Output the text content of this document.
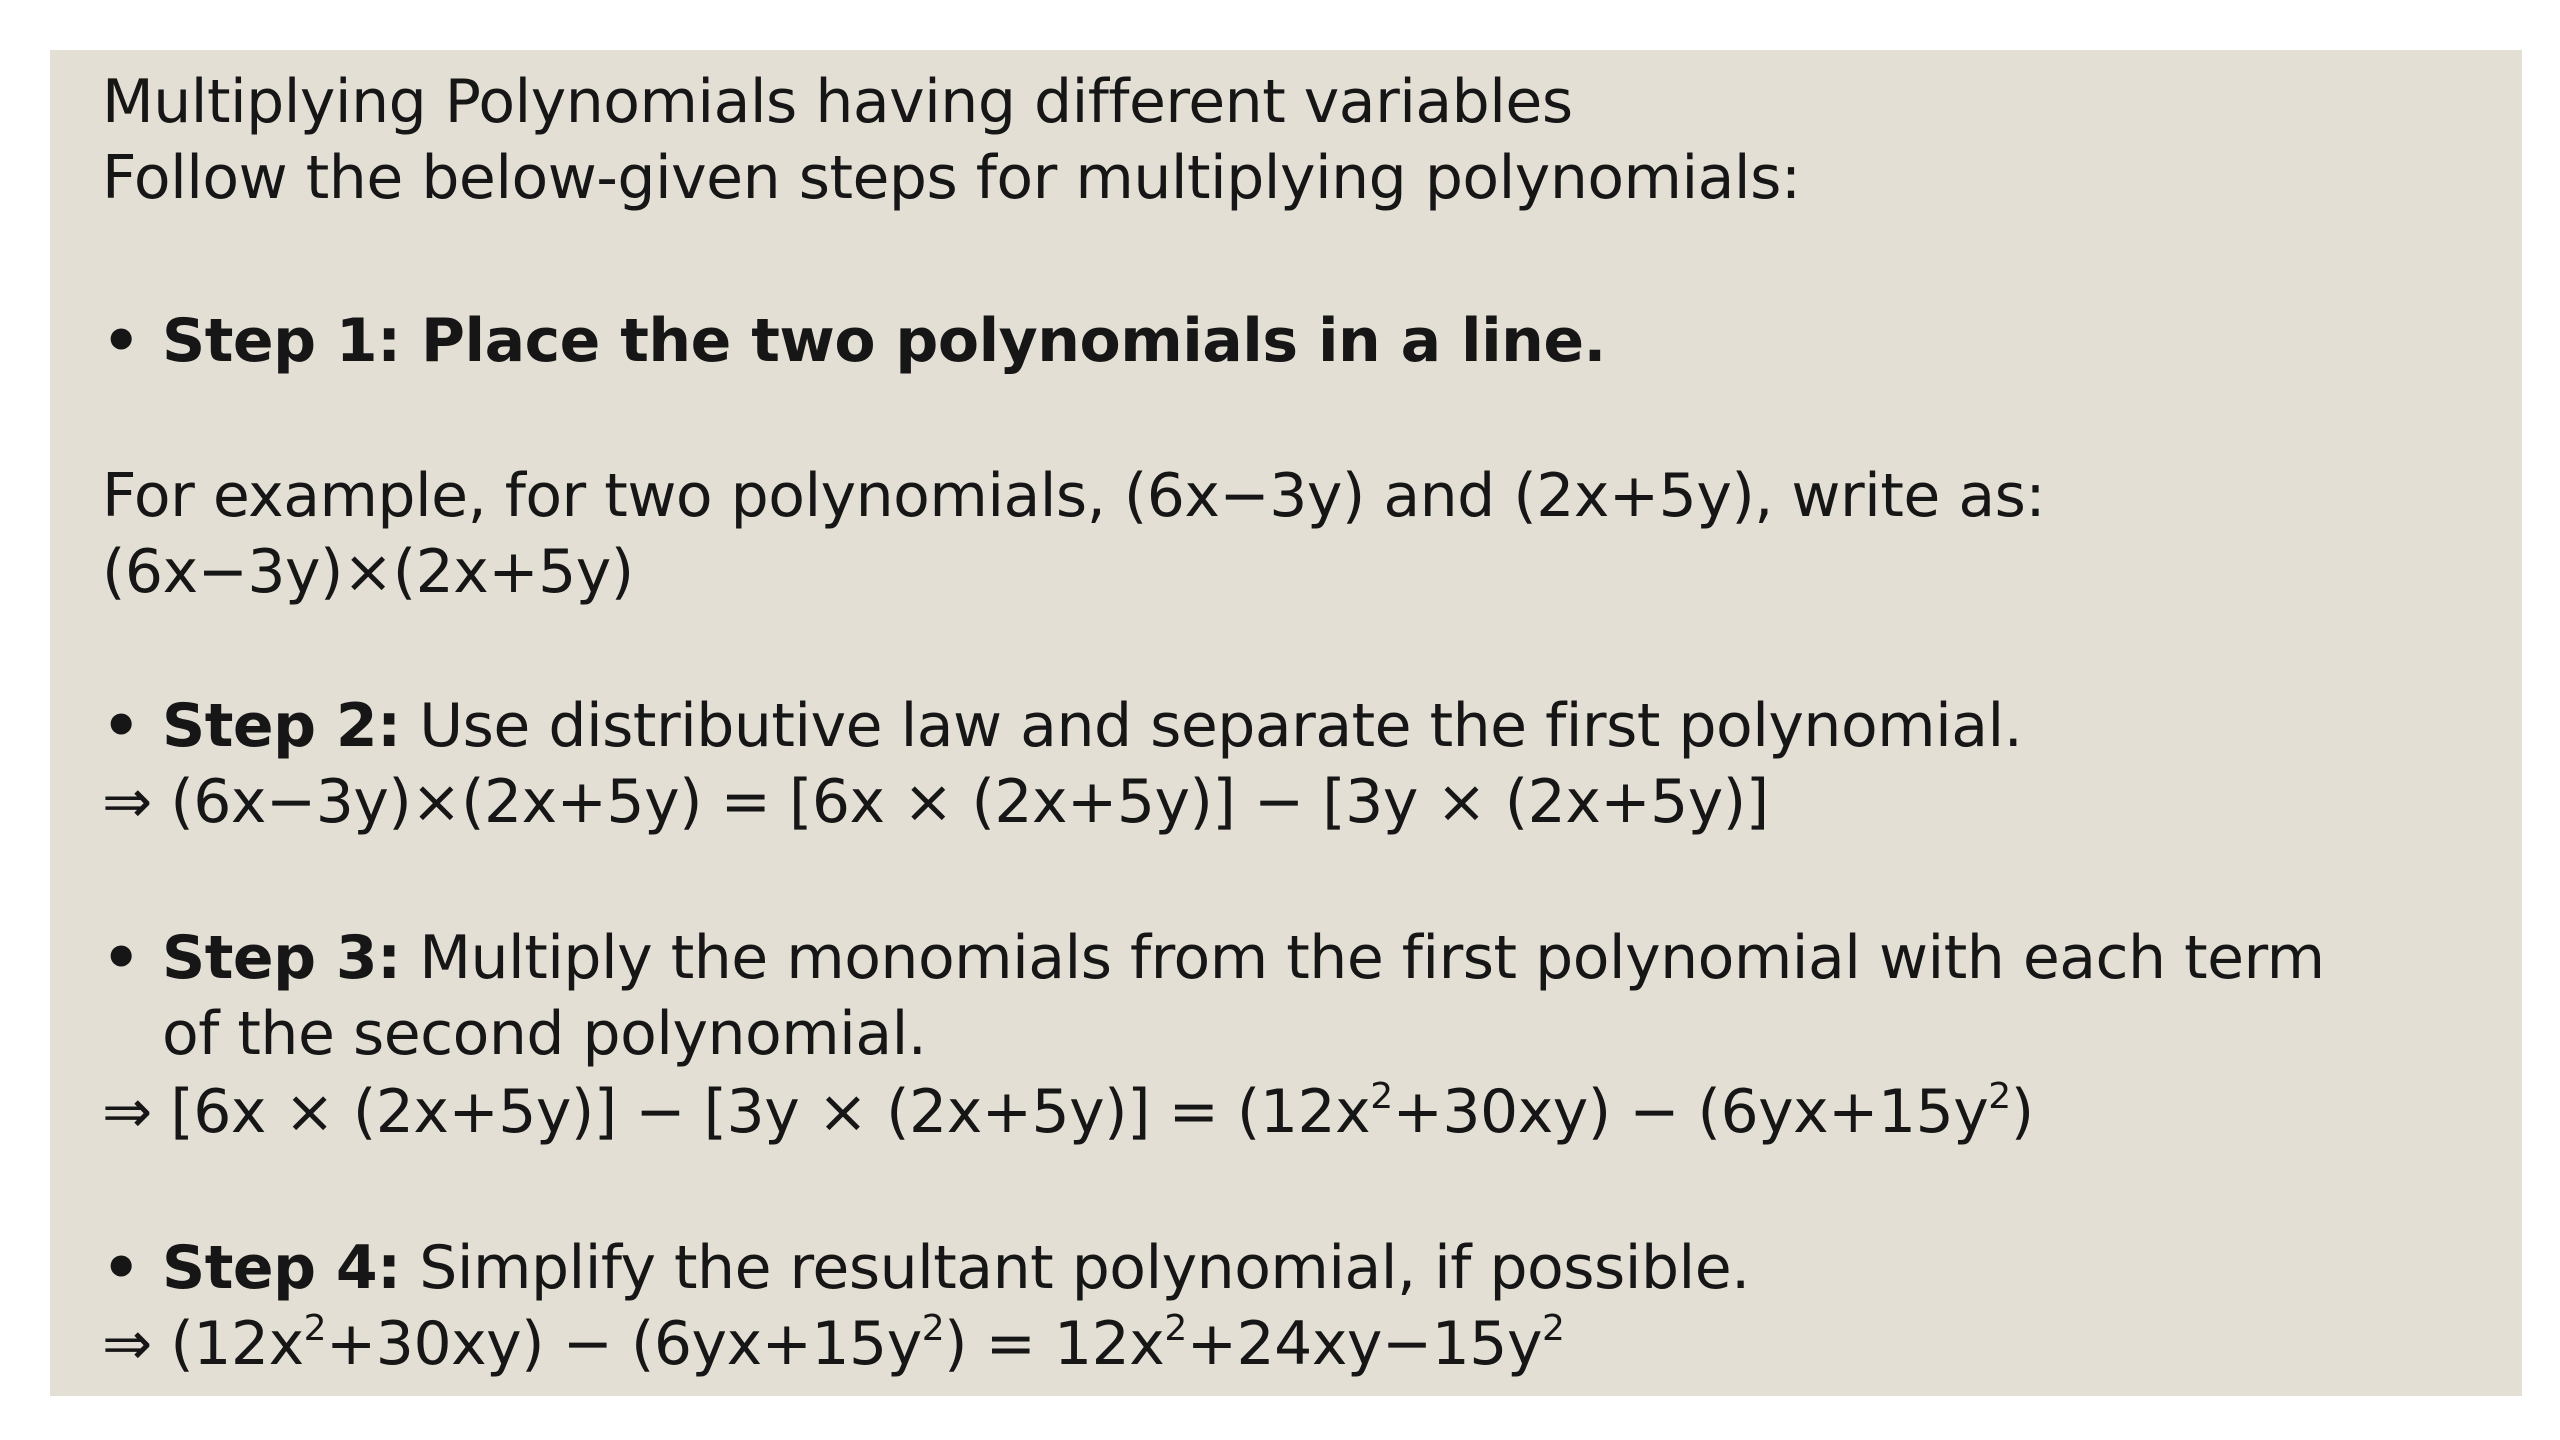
Multiplying Polynomials having different variables
Follow the below-given steps for multiplying polynomials:
• Step 1: Place the two polynomials in a line.
For example, for two polynomials, (6x−3y) and (2x+5y), write as:
(6x−3y)×(2x+5y)
• Step 2: Use distributive law and separate the first polynomial.
⇒ (6x−3y)×(2x+5y) = [6x × (2x+5y)] − [3y × (2x+5y)]
• Step 3: Multiply the monomials from the first polynomial with each term
of the second polynomial.
⇒ $[6x \times (2x+5y)] - [3y \times (2x+5y)] = (12x^2+30xy) - (6yx+15y^2)$
• Step 4: Simplify the resultant polynomial, if possible.
⇒ $(12x^2+30xy) - (6yx+15y^2) = 12x^2+24xy-15y^2$
